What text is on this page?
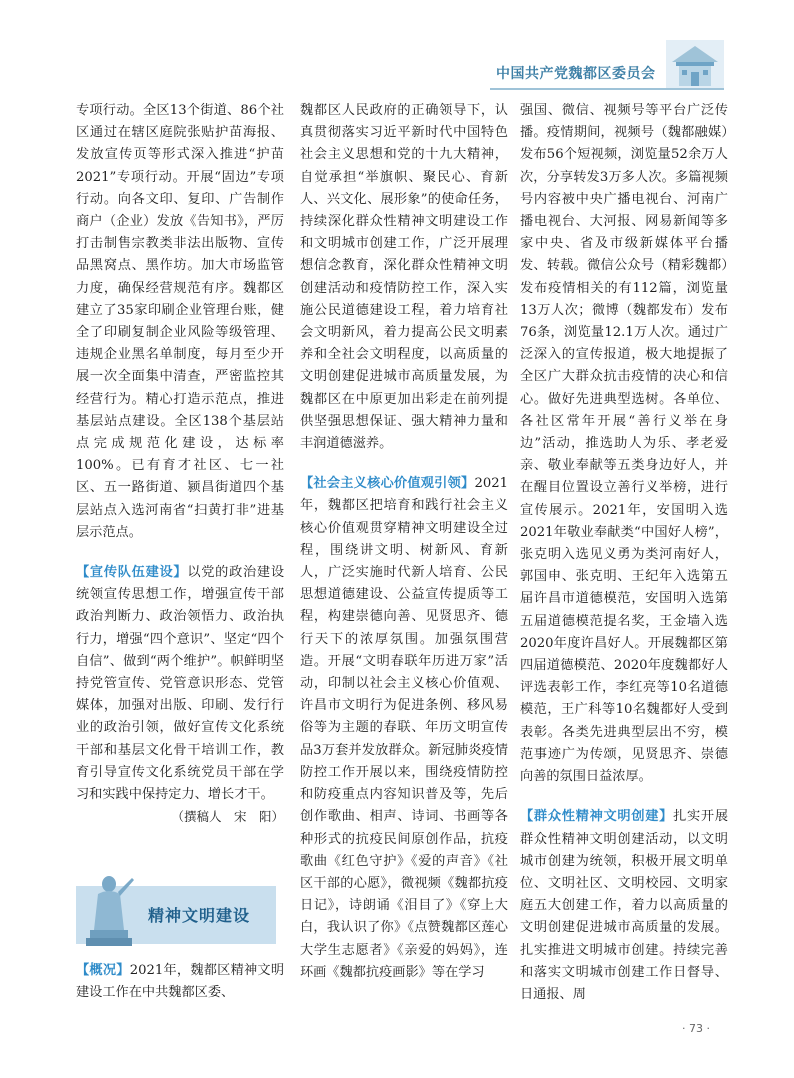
中国共产党魏都区委员会

专项行动。全区13个街道、86个社区通过在辖区庭院张贴护苗海报、发放宣传页等形式深入推进“护苗2021”专项行动。开展“固边”专项行动。向各文印、复印、广告制作商户（企业）发放《告知书》，严厉打击制售宗教类非法出版物、宣传品黑窝点、黑作坊。加大市场监管力度，确保经营规范有序。魏都区建立了35家印刷企业管理台账，健全了印刷复制企业风险等级管理、违规企业黑名单制度，每月至少开展一次全面集中清查，严密监控其经营行为。精心打造示范点，推进基层站点建设。全区138个基层站点完成规范化建设，达标率100%。已有育才社区、七一社区、五一路街道、颍昌街道四个基层站点入选河南省“扫黄打非”进基层示范点。

【宣传队伍建设】以党的政治建设统领宣传思想工作，增强宣传干部政治判断力、政治领悟力、政治执行力，增强“四个意识”、坚定“四个自信”、做到“两个维护”。帜鲜明坚持党管宣传、党管意识形态、党管媒体，加强对出版、印刷、发行行业的政治引领，做好宣传文化系统干部和基层文化骨干培训工作，教育引导宣传文化系统党员干部在学习和实践中保持定力、增长才干。

（撰稿人　宋　阳）

精神文明建设

【概况】2021年，魏都区精神文明建设工作在中共魏都区委、

魏都区人民政府的正确领导下，认真贯彻落实习近平新时代中国特色社会主义思想和党的十九大精神，自觉承担“举旗帜、聚民心、育新人、兴文化、展形象”的使命任务，持续深化群众性精神文明建设工作和文明城市创建工作，广泛开展理想信念教育，深化群众性精神文明创建活动和疫情防控工作，深入实施公民道德建设工程，着力培育社会文明新风，着力提高公民文明素养和全社会文明程度，以高质量的文明创建促进城市高质量发展，为魏都区在中原更加出彩走在前列提供坚强思想保证、强大精神力量和丰润道德滋养。

【社会主义核心价值观引领】2021年，魏都区把培育和践行社会主义核心价值观贯穿精神文明建设全过程，围绕讲文明、树新风、育新人，广泛实施时代新人培育、公民思想道德建设、公益宣传提质等工程，构建崇德向善、见贤思齐、德行天下的浓厚氛围。加强氛围营造。开展“文明春联年历进万家”活动，印制以社会主义核心价值观、许昌市文明行为促进条例、移风易俗等为主题的春联、年历文明宣传品3万套并发放群众。新冠肺炎疫情防控工作开展以来，围绕疫情防控和防疫重点内容知识普及等，先后创作歌曲、相声、诗词、书画等各种形式的抗疫民间原创作品，抗疫歌曲《红色守护》《爱的声音》《社区干部的心愿》，微视频《魏都抗疫日记》，诗朗诵《泪目了》《穿上大白，我认识了你》《点赞魏都区莲心大学生志愿者》《亲爱的妈妈》，连环画《魏都抗疫画影》等在学习

强国、微信、视频号等平台广泛传播。疫情期间，视频号（魏都融媒）发布56个短视频，浏览量52余万人次，分享转发3万多人次。多篇视频号内容被中央广播电视台、河南广播电视台、大河报、网易新闻等多家中央、省及市级新媒体平台播发、转载。微信公众号（精彩魏都）发布疫情相关的有112篇，浏览量13万人次；微博（魏都发布）发布76条，浏览量12.1万人次。通过广泛深入的宣传报道，极大地提振了全区广大群众抗击疫情的决心和信心。做好先进典型选树。各单位、各社区常年开展“善行义举在身边”活动，推选助人为乐、孝老爱亲、敬业奉献等五类身边好人，并在醒目位置设立善行义举榜，进行宣传展示。2021年，安国明入选2021年敬业奉献类“中国好人榜”，张克明入选见义勇为类河南好人，郭国申、张克明、王纪年入选第五届许昌市道德模范，安国明入选第五届道德模范提名奖，王金墙入选2020年度许昌好人。开展魏都区第四届道德模范、2020年度魏都好人评选表彰工作，李红亮等10名道德模范，王广科等10名魏都好人受到表彰。各类先进典型层出不穷，模范事迹广为传颂，见贤思齐、崇德向善的氛围日益浓厚。

【群众性精神文明创建】扎实开展群众性精神文明创建活动，以文明城市创建为统领，积极开展文明单位、文明社区、文明校园、文明家庭五大创建工作，着力以高质量的文明创建促进城市高质量的发展。扎实推进文明城市创建。持续完善和落实文明城市创建工作日督导、日通报、周

· 73 ·
